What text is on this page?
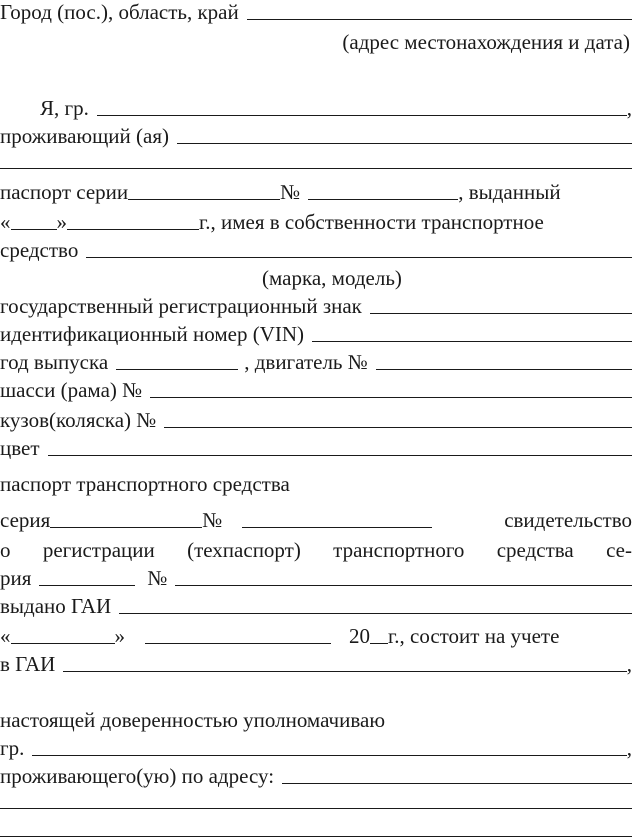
Город (пос.), область, край
(адрес местонахождения и дата)
Я, гр.	,
проживающий (ая)
паспорт серии	№	, выданный
« »	г., имея в собственности транспортное
средство
(марка, модель)
государственный регистрационный знак
идентификационный номер (VIN)
год выпуска	, двигатель №
шасси (рама) №
кузов(коляска) №
цвет
паспорт транспортного средства
серия	№	свидетельство
о регистрации (техпаспорт) транспортного средства се-
рия	№
выдано ГАИ
«	»	20 г., состоит на учете
в ГАИ	,
настоящей доверенностью уполномачиваю
гр.	,
проживающего(ую) по адресу:
